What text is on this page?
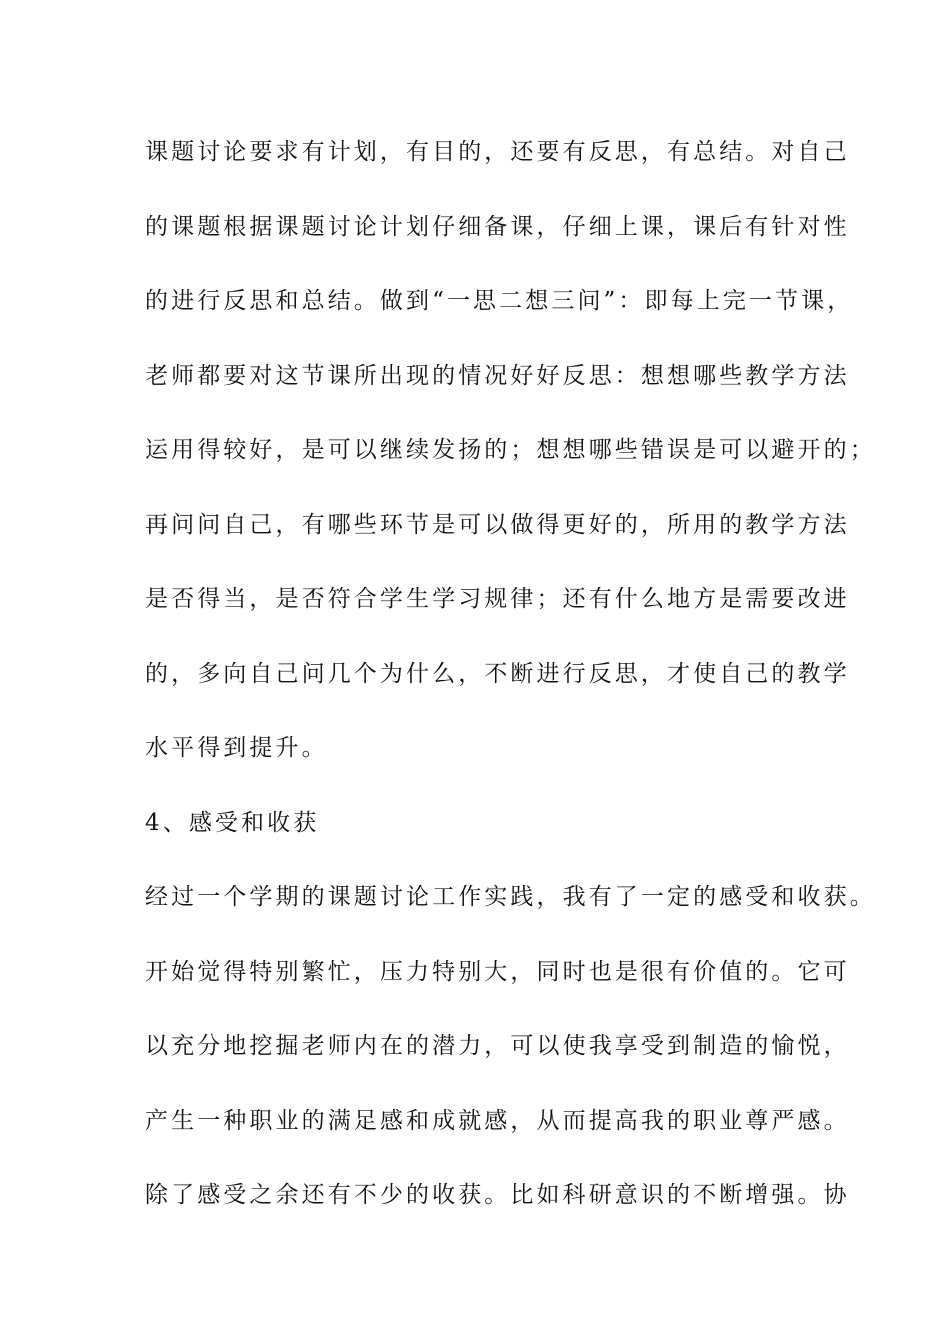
课题讨论要求有计划，有目的，还要有反思，有总结。对自己
的课题根据课题讨论计划仔细备课，仔细上课，课后有针对性
的进行反思和总结。做到“一思二想三问”：即每上完一节课，
老师都要对这节课所出现的情况好好反思：想想哪些教学方法
运用得较好，是可以继续发扬的；想想哪些错误是可以避开的；
再问问自己，有哪些环节是可以做得更好的，所用的教学方法
是否得当，是否符合学生学习规律；还有什么地方是需要改进
的，多向自己问几个为什么，不断进行反思，才使自己的教学
水平得到提升。
4、感受和收获
经过一个学期的课题讨论工作实践，我有了一定的感受和收获。
开始觉得特别繁忙，压力特别大，同时也是很有价值的。它可
以充分地挖掘老师内在的潜力，可以使我享受到制造的愉悦，
产生一种职业的满足感和成就感，从而提高我的职业尊严感。
除了感受之余还有不少的收获。比如科研意识的不断增强。协
